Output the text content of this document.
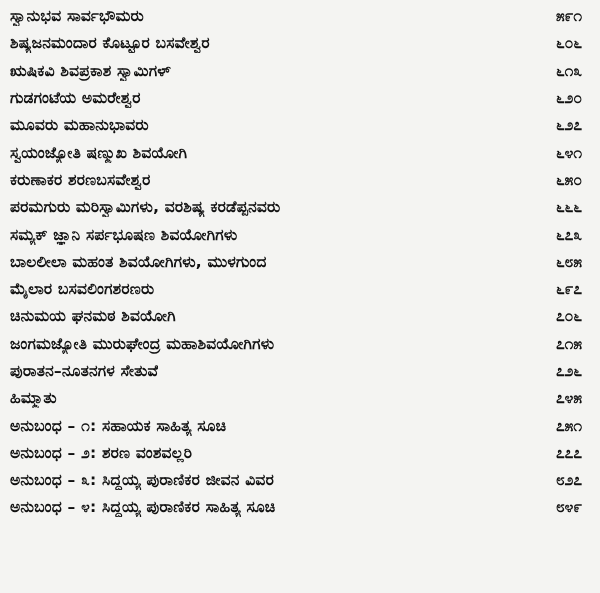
ಸ್ವಾನುಭವ ಸಾರ್ವಭೌಮರು	೫೯೧
ಶಿಷ್ಯಜನಮಂದಾರ ಕೊಟ್ಟೂರ ಬಸವೇಶ್ವರ	೬೦೬
ಋಷಿಕವಿ ಶಿವಪ್ರಕಾಶ ಸ್ವಾಮಿಗಳ್	೬೧೩
ಗುಡಗಂಟೆಯ ಅಮರೇಶ್ವರ	೬೨೦
ಮೂವರು ಮಹಾನುಭಾವರು	೬೨೭
ಸ್ವಯಂಜ್ಯೋತಿ ಷಣ್ಮುಖ ಶಿವಯೋಗಿ	೬೪೧
ಕರುಣಾಕರ ಶರಣಬಸವೇಶ್ವರ	೬೫೦
ಪರಮಗುರು ಮರಿಸ್ವಾಮಿಗಳು, ವರಶಿಷ್ಯ ಕರಡೆಪ್ಪನವರು	೬೬೬
ಸಮ್ಯಕ್ ಜ್ಞಾನಿ ಸರ್ಪಭೂಷಣ ಶಿವಯೋಗಿಗಳು	೬೭೩
ಬಾಲಲೀಲಾ ಮಹಂತ ಶಿವಯೋಗಿಗಳು, ಮುಳಗುಂದ	೬೮೫
ಮೈಲಾರ ಬಸವಲಿಂಗಶರಣರು	೬೯೭
ಚಿನುಮಯ ಘನಮಠ ಶಿವಯೋಗಿ	೭೦೬
ಜಂಗಮಜ್ಯೋತಿ ಮುರುಘೇಂದ್ರ ಮಹಾಶಿವಯೋಗಿಗಳು	೭೧೫
ಪುರಾತನ–ನೂತನಗಳ ಸೇತುವೆ	೭೨೬
ಹಿಮ್ಮಾತು	೭೪೫
ಅನುಬಂಧ – ೧: ಸಹಾಯಕ ಸಾಹಿತ್ಯ ಸೂಚಿ	೭೫೧
ಅನುಬಂಧ – ೨: ಶರಣ ವಂಶವಲ್ಲರಿ	೭೭೭
ಅನುಬಂಧ – ೩: ಸಿದ್ದಯ್ಯ ಪುರಾಣಿಕರ ಜೀವನ ವಿವರ	೮೨೭
ಅನುಬಂಧ – ೪: ಸಿದ್ದಯ್ಯ ಪುರಾಣಿಕರ ಸಾಹಿತ್ಯ ಸೂಚಿ	೮೪೯
